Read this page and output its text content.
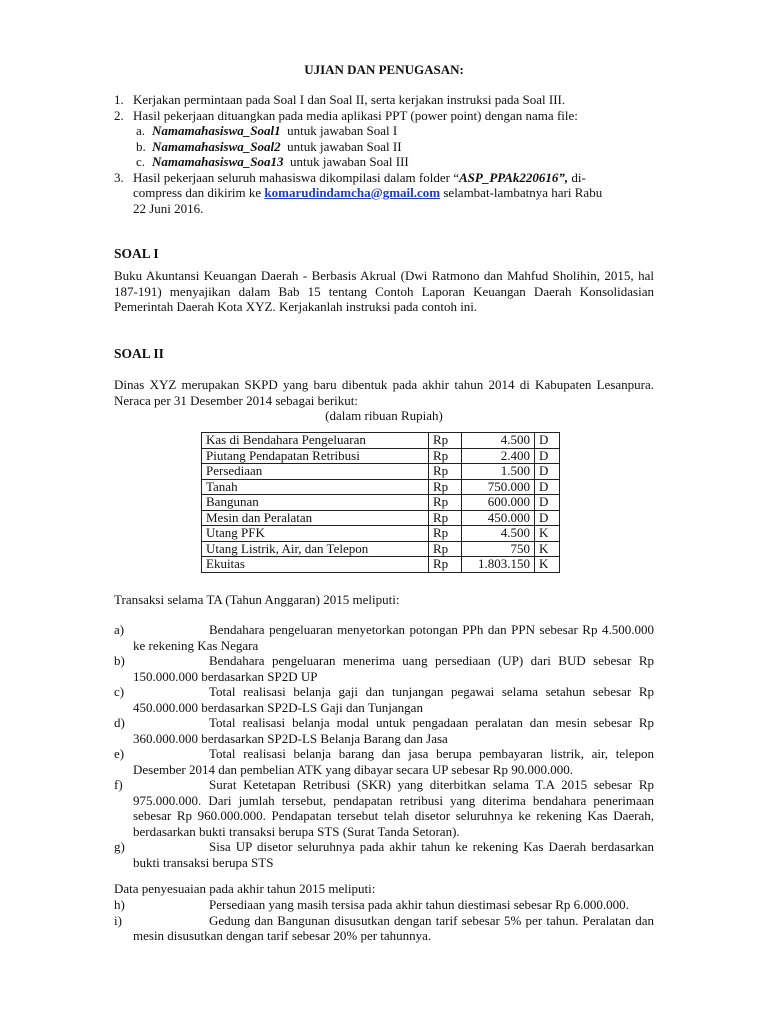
UJIAN DAN PENUGASAN:
1. Kerjakan permintaan pada Soal I dan Soal II, serta kerjakan instruksi pada Soal III.
2. Hasil pekerjaan dituangkan pada media aplikasi PPT (power point) dengan nama file:
a. Namamahasiswa_Soal1 untuk jawaban Soal I
b. Namamahasiswa_Soal2 untuk jawaban Soal II
c. Namamahasiswa_Soa13 untuk jawaban Soal III
3. Hasil pekerjaan seluruh mahasiswa dikompilasi dalam folder “ASP_PPAk220616”, di-
compress dan dikirim ke komarudindamcha@gmail.com selambat-lambatnya hari Rabu
22 Juni 2016.
SOAL I

Buku Akuntansi Keuangan Daerah - Berbasis Akrual (Dwi Ratmono dan Mahfud Sholihin, 2015, hal 187-191) menyajikan dalam Bab 15 tentang Contoh Laporan Keuangan Daerah Konsolidasian Pemerintah Daerah Kota XYZ. Kerjakanlah instruksi pada contoh ini.

SOAL II

Dinas XYZ merupakan SKPD yang baru dibentuk pada akhir tahun 2014 di Kabupaten Lesanpura. Neraca per 31 Desember 2014 sebagai berikut:

(dalam ribuan Rupiah)
Kas di Bendahara Pengeluaran	Rp	4.500	D
Piutang Pendapatan Retribusi	Rp	2.400	D
Persediaan	Rp	1.500	D
Tanah	Rp	750.000	D
Bangunan	Rp	600.000	D
Mesin dan Peralatan	Rp	450.000	D
Utang PFK	Rp	4.500	K
Utang Listrik, Air, dan Telepon	Rp	750	K
Ekuitas	Rp	1.803.150	K
Transaksi selama TA (Tahun Anggaran) 2015 meliputi:
a)	Bendahara pengeluaran menyetorkan potongan PPh dan PPN sebesar Rp 4.500.000 ke rekening Kas Negara
b)	Bendahara pengeluaran menerima uang persediaan (UP) dari BUD sebesar Rp 150.000.000 berdasarkan SP2D UP
c)	Total realisasi belanja gaji dan tunjangan pegawai selama setahun sebesar Rp 450.000.000 berdasarkan SP2D-LS Gaji dan Tunjangan
d)	Total realisasi belanja modal untuk pengadaan peralatan dan mesin sebesar Rp 360.000.000 berdasarkan SP2D-LS Belanja Barang dan Jasa
e)	Total realisasi belanja barang dan jasa berupa pembayaran listrik, air, telepon Desember 2014 dan pembelian ATK yang dibayar secara UP sebesar Rp 90.000.000.
f)	Surat Ketetapan Retribusi (SKR) yang diterbitkan selama T.A 2015 sebesar Rp 975.000.000. Dari jumlah tersebut, pendapatan retribusi yang diterima bendahara penerimaan sebesar Rp 960.000.000. Pendapatan tersebut telah disetor seluruhnya ke rekening Kas Daerah, berdasarkan bukti transaksi berupa STS (Surat Tanda Setoran).
g)	Sisa UP disetor seluruhnya pada akhir tahun ke rekening Kas Daerah berdasarkan bukti transaksi berupa STS
Data penyesuaian pada akhir tahun 2015 meliputi:
h)	Persediaan yang masih tersisa pada akhir tahun diestimasi sebesar Rp 6.000.000.
i)	Gedung dan Bangunan disusutkan dengan tarif sebesar 5% per tahun. Peralatan dan mesin disusutkan dengan tarif sebesar 20% per tahunnya.
